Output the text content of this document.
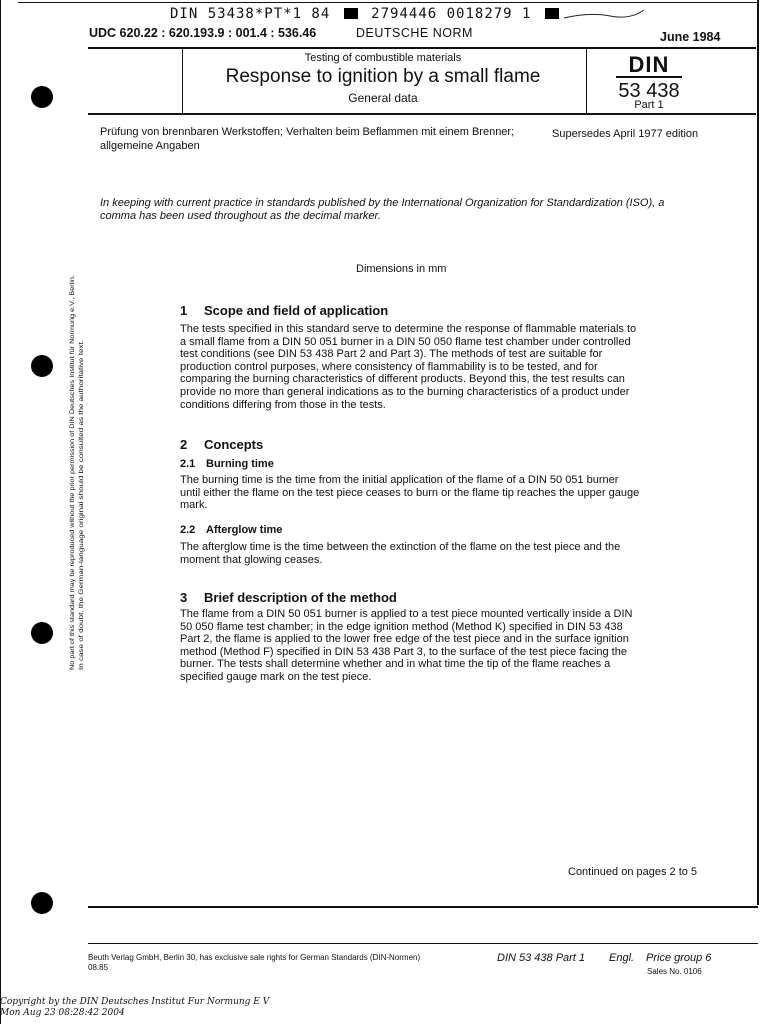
DIN 53438*PT*1 84	2794446 0018279 1
UDC 620.22 : 620.193.9 : 001.4 : 536.46	DEUTSCHE NORM	June 1984
Testing of combustible materials
Response to ignition by a small flame
General data
DIN
53 438
Part 1
Prüfung von brennbaren Werkstoffen; Verhalten beim Beflammen mit einem Brenner; allgemeine Angaben
Supersedes April 1977 edition
In keeping with current practice in standards published by the International Organization for Standardization (ISO), a comma has been used throughout as the decimal marker.
Dimensions in mm
No part of this standard may be reproduced without the prior permission of DIN Deutsches Institut für Normung e.V., Berlin. In case of doubt, the German-language original should be consulted as the authoritative text.
1 Scope and field of application
The tests specified in this standard serve to determine the response of flammable materials to a small flame from a DIN 50 051 burner in a DIN 50 050 flame test chamber under controlled test conditions (see DIN 53 438 Part 2 and Part 3). The methods of test are suitable for production control purposes, where consistency of flammability is to be tested, and for comparing the burning characteristics of different products. Beyond this, the test results can provide no more than general indications as to the burning characteristics of a product under conditions differing from those in the tests.
2 Concepts
2.1 Burning time
The burning time is the time from the initial application of the flame of a DIN 50 051 burner until either the flame on the test piece ceases to burn or the flame tip reaches the upper gauge mark.
2.2 Afterglow time
The afterglow time is the time between the extinction of the flame on the test piece and the moment that glowing ceases.
3 Brief description of the method
The flame from a DIN 50 051 burner is applied to a test piece mounted vertically inside a DIN 50 050 flame test chamber; in the edge ignition method (Method K) specified in DIN 53 438 Part 2, the flame is applied to the lower free edge of the test piece and in the surface ignition method (Method F) specified in DIN 53 438 Part 3, to the surface of the test piece facing the burner. The tests shall determine whether and in what time the tip of the flame reaches a specified gauge mark on the test piece.
Continued on pages 2 to 5
Beuth Verlag GmbH, Berlin 30, has exclusive sale rights for German Standards (DIN-Normen)
08.85
DIN 53 438 Part 1 Engl. Price group 6
Sales No. 0106
Copyright by the DIN Deutsches Institut Fur Normung E V
Mon Aug 23 08:28:42 2004
